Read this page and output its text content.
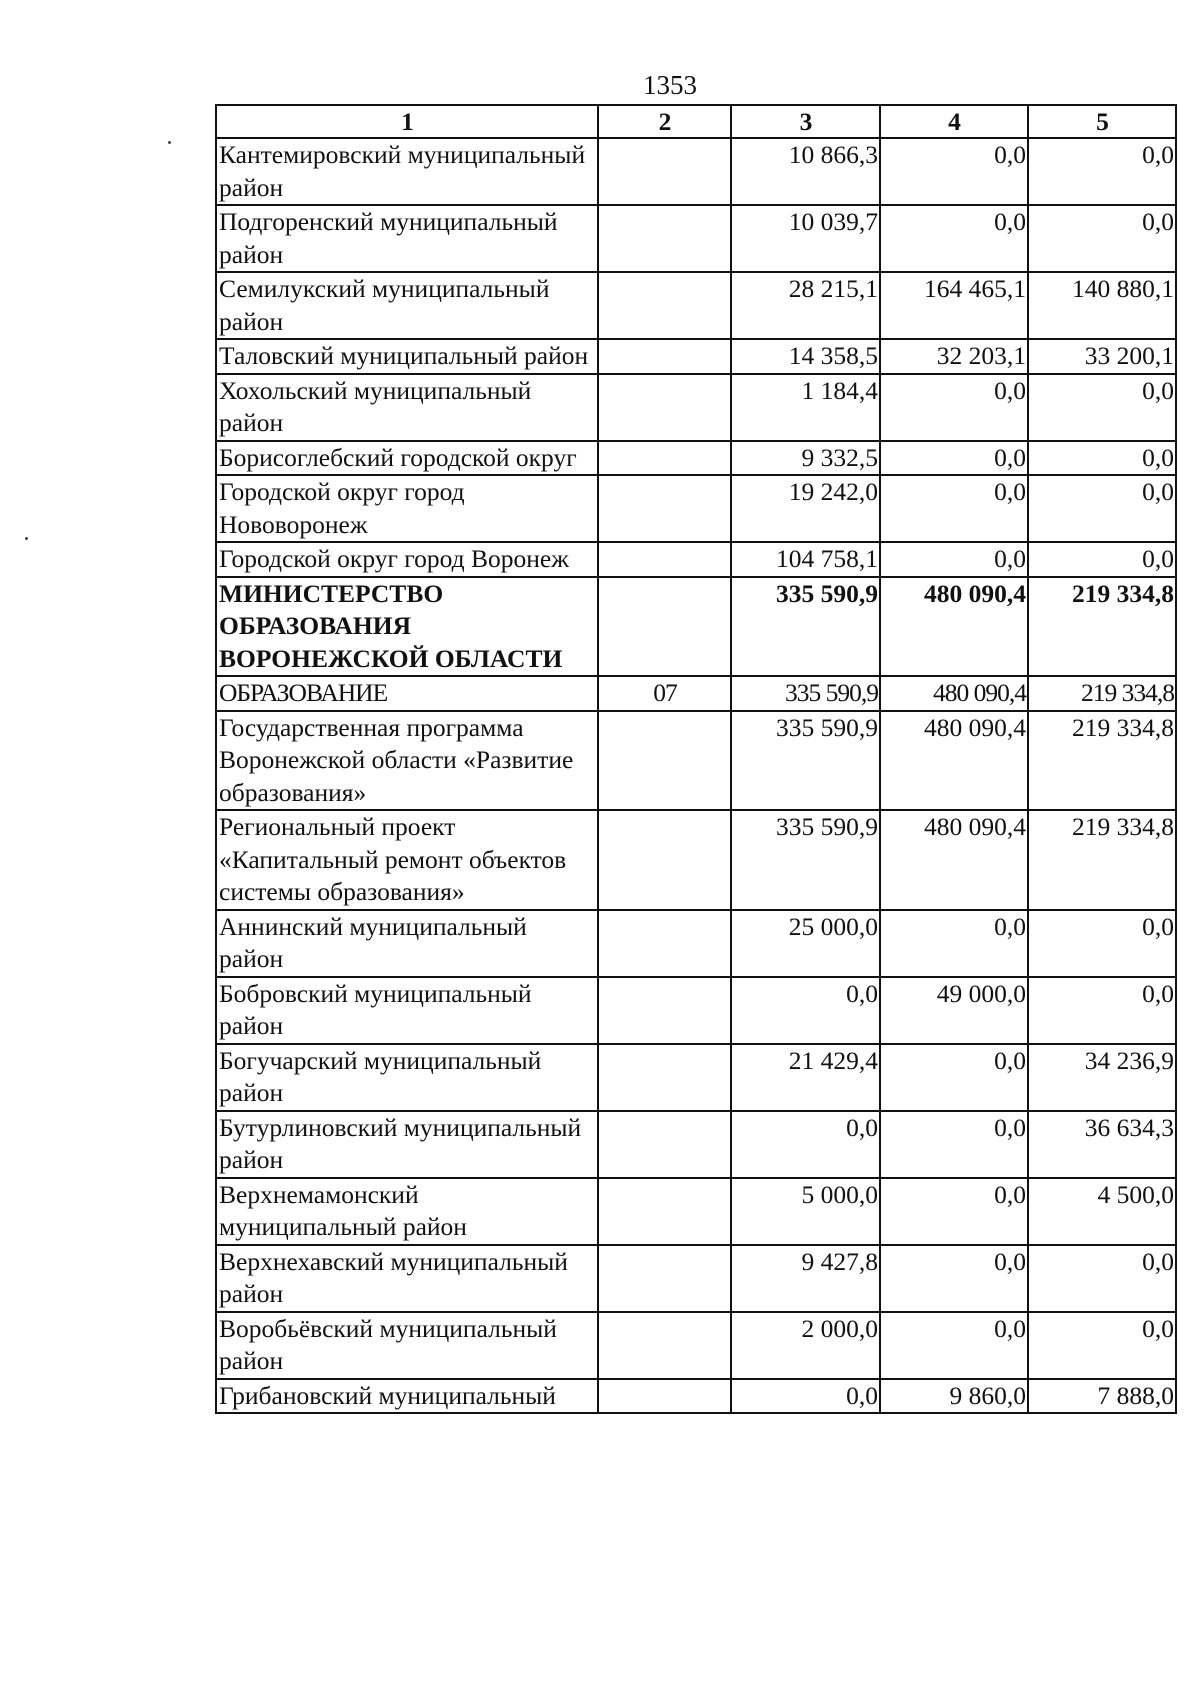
1353
1	2	3	4	5
Кантемировский муниципальный район		10 866,3	0,0	0,0
Подгоренский муниципальный район		10 039,7	0,0	0,0
Семилукский муниципальный район		28 215,1	164 465,1	140 880,1
Таловский муниципальный район		14 358,5	32 203,1	33 200,1
Хохольский муниципальный район		1 184,4	0,0	0,0
Борисоглебский городской округ		9 332,5	0,0	0,0
Городской округ город Нововоронеж		19 242,0	0,0	0,0
Городской округ город Воронеж		104 758,1	0,0	0,0
МИНИСТЕРСТВО ОБРАЗОВАНИЯ ВОРОНЕЖСКОЙ ОБЛАСТИ		335 590,9	480 090,4	219 334,8
ОБРАЗОВАНИЕ	07	335 590,9	480 090,4	219 334,8
Государственная программа Воронежской области «Развитие образования»		335 590,9	480 090,4	219 334,8
Региональный проект «Капитальный ремонт объектов системы образования»		335 590,9	480 090,4	219 334,8
Аннинский муниципальный район		25 000,0	0,0	0,0
Бобровский муниципальный район		0,0	49 000,0	0,0
Богучарский муниципальный район		21 429,4	0,0	34 236,9
Бутурлиновский муниципальный район		0,0	0,0	36 634,3
Верхнемамонский муниципальный район		5 000,0	0,0	4 500,0
Верхнехавский муниципальный район		9 427,8	0,0	0,0
Воробьёвский муниципальный район		2 000,0	0,0	0,0
Грибановский муниципальный		0,0	9 860,0	7 888,0
